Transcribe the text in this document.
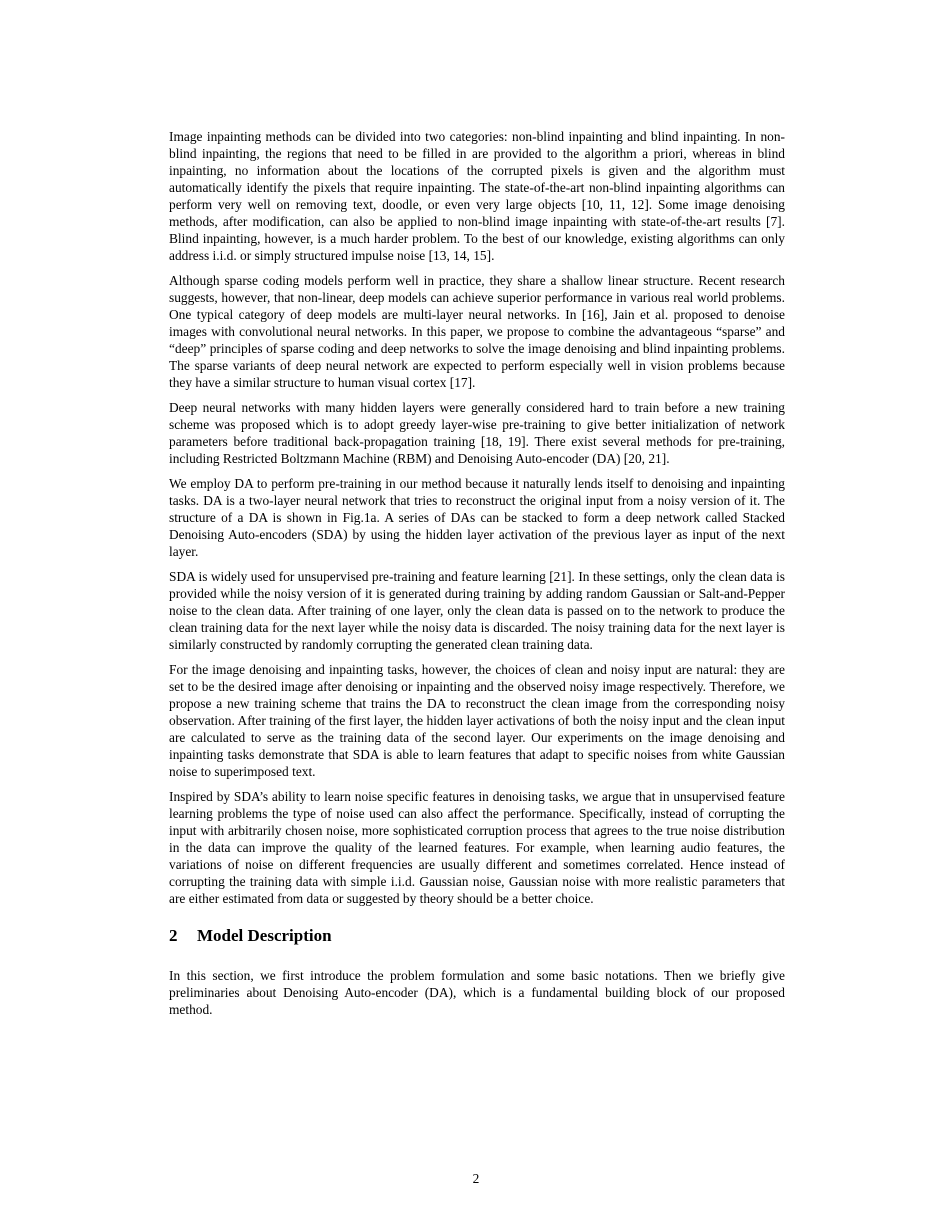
Image inpainting methods can be divided into two categories: non-blind inpainting and blind inpainting. In non-blind inpainting, the regions that need to be filled in are provided to the algorithm a priori, whereas in blind inpainting, no information about the locations of the corrupted pixels is given and the algorithm must automatically identify the pixels that require inpainting. The state-of-the-art non-blind inpainting algorithms can perform very well on removing text, doodle, or even very large objects [10, 11, 12]. Some image denoising methods, after modification, can also be applied to non-blind image inpainting with state-of-the-art results [7]. Blind inpainting, however, is a much harder problem. To the best of our knowledge, existing algorithms can only address i.i.d. or simply structured impulse noise [13, 14, 15].

Although sparse coding models perform well in practice, they share a shallow linear structure. Recent research suggests, however, that non-linear, deep models can achieve superior performance in various real world problems. One typical category of deep models are multi-layer neural networks. In [16], Jain et al. proposed to denoise images with convolutional neural networks. In this paper, we propose to combine the advantageous “sparse” and “deep” principles of sparse coding and deep networks to solve the image denoising and blind inpainting problems. The sparse variants of deep neural network are expected to perform especially well in vision problems because they have a similar structure to human visual cortex [17].

Deep neural networks with many hidden layers were generally considered hard to train before a new training scheme was proposed which is to adopt greedy layer-wise pre-training to give better initialization of network parameters before traditional back-propagation training [18, 19]. There exist several methods for pre-training, including Restricted Boltzmann Machine (RBM) and Denoising Auto-encoder (DA) [20, 21].

We employ DA to perform pre-training in our method because it naturally lends itself to denoising and inpainting tasks. DA is a two-layer neural network that tries to reconstruct the original input from a noisy version of it. The structure of a DA is shown in Fig.1a. A series of DAs can be stacked to form a deep network called Stacked Denoising Auto-encoders (SDA) by using the hidden layer activation of the previous layer as input of the next layer.

SDA is widely used for unsupervised pre-training and feature learning [21]. In these settings, only the clean data is provided while the noisy version of it is generated during training by adding random Gaussian or Salt-and-Pepper noise to the clean data. After training of one layer, only the clean data is passed on to the network to produce the clean training data for the next layer while the noisy data is discarded. The noisy training data for the next layer is similarly constructed by randomly corrupting the generated clean training data.

For the image denoising and inpainting tasks, however, the choices of clean and noisy input are natural: they are set to be the desired image after denoising or inpainting and the observed noisy image respectively. Therefore, we propose a new training scheme that trains the DA to reconstruct the clean image from the corresponding noisy observation. After training of the first layer, the hidden layer activations of both the noisy input and the clean input are calculated to serve as the training data of the second layer. Our experiments on the image denoising and inpainting tasks demonstrate that SDA is able to learn features that adapt to specific noises from white Gaussian noise to superimposed text.

Inspired by SDA’s ability to learn noise specific features in denoising tasks, we argue that in unsupervised feature learning problems the type of noise used can also affect the performance. Specifically, instead of corrupting the input with arbitrarily chosen noise, more sophisticated corruption process that agrees to the true noise distribution in the data can improve the quality of the learned features. For example, when learning audio features, the variations of noise on different frequencies are usually different and sometimes correlated. Hence instead of corrupting the training data with simple i.i.d. Gaussian noise, Gaussian noise with more realistic parameters that are either estimated from data or suggested by theory should be a better choice.

2 Model Description

In this section, we first introduce the problem formulation and some basic notations. Then we briefly give preliminaries about Denoising Auto-encoder (DA), which is a fundamental building block of our proposed method.

2
